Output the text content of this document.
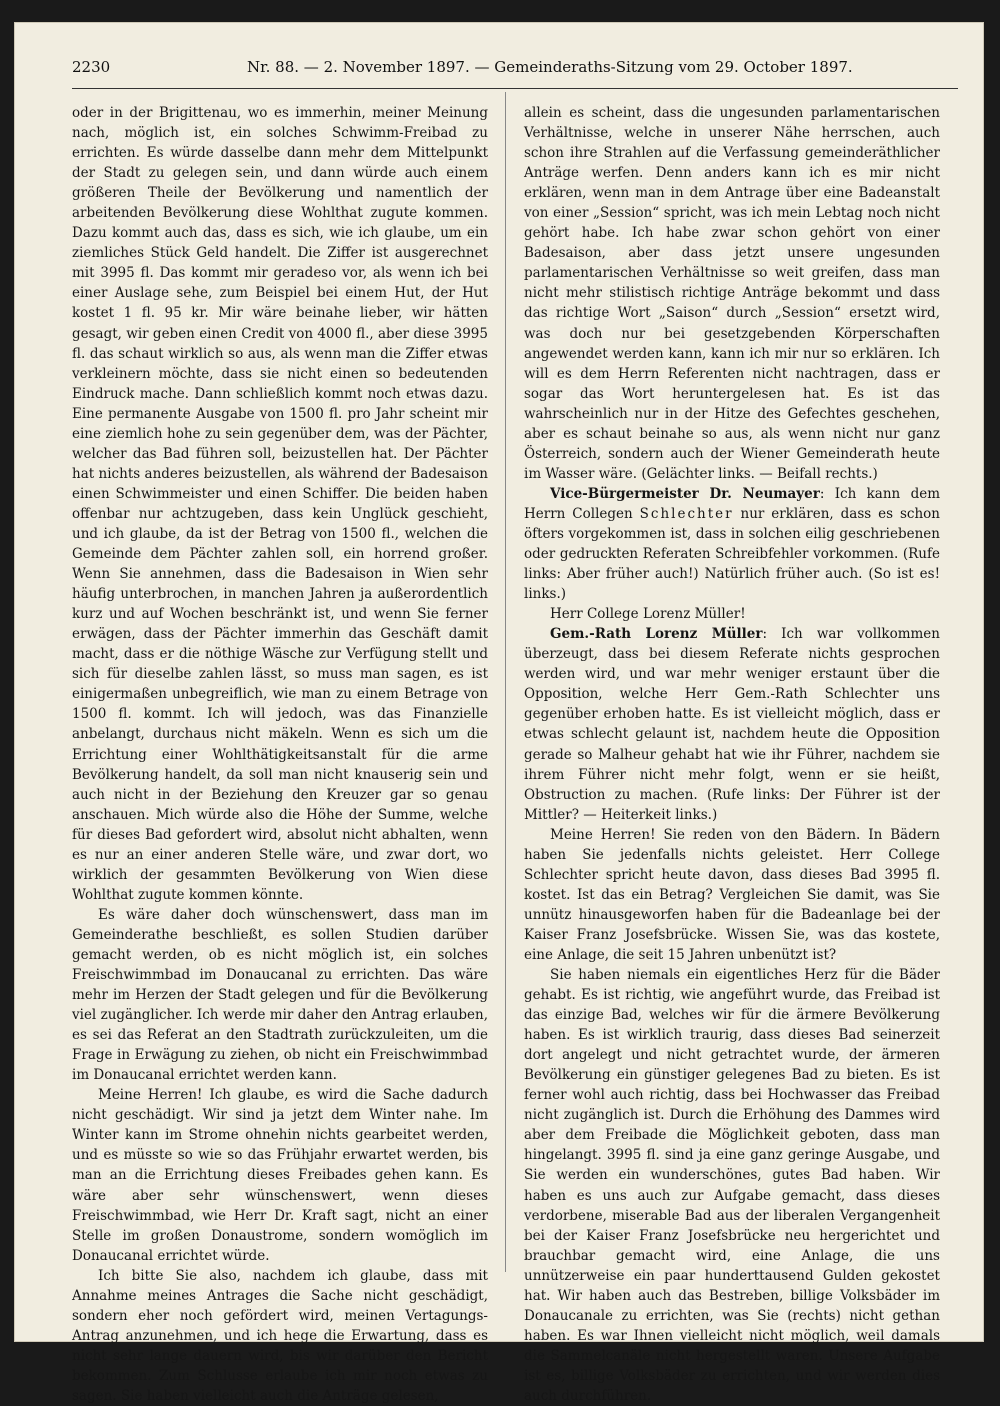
2230	Nr. 88. — 2. November 1897. — Gemeinderaths-Sitzung vom 29. October 1897.

oder in der Brigittenau, wo es immerhin, meiner Meinung nach, möglich ist, ein solches Schwimm-Freibad zu errichten. Es würde dasselbe dann mehr dem Mittelpunkt der Stadt zu gelegen sein, und dann würde auch einem größeren Theile der Bevölkerung und namentlich der arbeitenden Bevölkerung diese Wohlthat zugute kommen. Dazu kommt auch das, dass es sich, wie ich glaube, um ein ziemliches Stück Geld handelt. Die Ziffer ist ausgerechnet mit 3995 fl. Das kommt mir geradeso vor, als wenn ich bei einer Auslage sehe, zum Beispiel bei einem Hut, der Hut kostet 1 fl. 95 kr. Mir wäre beinahe lieber, wir hätten gesagt, wir geben einen Credit von 4000 fl., aber diese 3995 fl. das schaut wirklich so aus, als wenn man die Ziffer etwas verkleinern möchte, dass sie nicht einen so bedeutenden Eindruck mache. Dann schließlich kommt noch etwas dazu. Eine permanente Ausgabe von 1500 fl. pro Jahr scheint mir eine ziemlich hohe zu sein gegenüber dem, was der Pächter, welcher das Bad führen soll, beizustellen hat. Der Pächter hat nichts anderes beizustellen, als während der Badesaison einen Schwimmeister und einen Schiffer. Die beiden haben offenbar nur achtzugeben, dass kein Unglück geschieht, und ich glaube, da ist der Betrag von 1500 fl., welchen die Gemeinde dem Pächter zahlen soll, ein horrend großer. Wenn Sie annehmen, dass die Badesaison in Wien sehr häufig unterbrochen, in manchen Jahren ja außerordentlich kurz und auf Wochen beschränkt ist, und wenn Sie ferner erwägen, dass der Pächter immerhin das Geschäft damit macht, dass er die nöthige Wäsche zur Verfügung stellt und sich für dieselbe zahlen lässt, so muss man sagen, es ist einigermaßen unbegreiflich, wie man zu einem Betrage von 1500 fl. kommt. Ich will jedoch, was das Finanzielle anbelangt, durchaus nicht mäkeln. Wenn es sich um die Errichtung einer Wohlthätigkeitsanstalt für die arme Bevölkerung handelt, da soll man nicht knauserig sein und auch nicht in der Beziehung den Kreuzer gar so genau anschauen. Mich würde also die Höhe der Summe, welche für dieses Bad gefordert wird, absolut nicht abhalten, wenn es nur an einer anderen Stelle wäre, und zwar dort, wo wirklich der gesammten Bevölkerung von Wien diese Wohlthat zugute kommen könnte.

Es wäre daher doch wünschenswert, dass man im Gemeinderathe beschließt, es sollen Studien darüber gemacht werden, ob es nicht möglich ist, ein solches Freischwimmbad im Donaucanal zu errichten. Das wäre mehr im Herzen der Stadt gelegen und für die Bevölkerung viel zugänglicher. Ich werde mir daher den Antrag erlauben, es sei das Referat an den Stadtrath zurückzuleiten, um die Frage in Erwägung zu ziehen, ob nicht ein Freischwimmbad im Donaucanal errichtet werden kann.

Meine Herren! Ich glaube, es wird die Sache dadurch nicht geschädigt. Wir sind ja jetzt dem Winter nahe. Im Winter kann im Strome ohnehin nichts gearbeitet werden, und es müsste so wie so das Frühjahr erwartet werden, bis man an die Errichtung dieses Freibades gehen kann. Es wäre aber sehr wünschenswert, wenn dieses Freischwimmbad, wie Herr Dr. Kraft sagt, nicht an einer Stelle im großen Donaustrome, sondern womöglich im Donaucanal errichtet würde.

Ich bitte Sie also, nachdem ich glaube, dass mit Annahme meines Antrages die Sache nicht geschädigt, sondern eher noch gefördert wird, meinen Vertagungs-Antrag anzunehmen, und ich hege die Erwartung, dass es nicht sehr lange dauern wird, bis wir darüber den Bericht bekommen. Zum Schlusse erlaube ich mir noch etwas zu sagen. Sie haben vielleicht auch die Anträge gelesen,

allein es scheint, dass die ungesunden parlamentarischen Verhältnisse, welche in unserer Nähe herrschen, auch schon ihre Strahlen auf die Verfassung gemeinderäthlicher Anträge werfen. Denn anders kann ich es mir nicht erklären, wenn man in dem Antrage über eine Badeanstalt von einer „Session“ spricht, was ich mein Lebtag noch nicht gehört habe. Ich habe zwar schon gehört von einer Badesaison, aber dass jetzt unsere ungesunden parlamentarischen Verhältnisse so weit greifen, dass man nicht mehr stilistisch richtige Anträge bekommt und dass das richtige Wort „Saison“ durch „Session“ ersetzt wird, was doch nur bei gesetzgebenden Körperschaften angewendet werden kann, kann ich mir nur so erklären. Ich will es dem Herrn Referenten nicht nachtragen, dass er sogar das Wort heruntergelesen hat. Es ist das wahrscheinlich nur in der Hitze des Gefechtes geschehen, aber es schaut beinahe so aus, als wenn nicht nur ganz Österreich, sondern auch der Wiener Gemeinderath heute im Wasser wäre. (Gelächter links. — Beifall rechts.)

Vice-Bürgermeister Dr. Neumayer: Ich kann dem Herrn Collegen Schlechter nur erklären, dass es schon öfters vorgekommen ist, dass in solchen eilig geschriebenen oder gedruckten Referaten Schreibfehler vorkommen. (Rufe links: Aber früher auch!) Natürlich früher auch. (So ist es! links.)

Herr College Lorenz Müller!

Gem.-Rath Lorenz Müller: Ich war vollkommen überzeugt, dass bei diesem Referate nichts gesprochen werden wird, und war mehr weniger erstaunt über die Opposition, welche Herr Gem.-Rath Schlechter uns gegenüber erhoben hatte. Es ist vielleicht möglich, dass er etwas schlecht gelaunt ist, nachdem heute die Opposition gerade so Malheur gehabt hat wie ihr Führer, nachdem sie ihrem Führer nicht mehr folgt, wenn er sie heißt, Obstruction zu machen. (Rufe links: Der Führer ist der Mittler? — Heiterkeit links.)

Meine Herren! Sie reden von den Bädern. In Bädern haben Sie jedenfalls nichts geleistet. Herr College Schlechter spricht heute davon, dass dieses Bad 3995 fl. kostet. Ist das ein Betrag? Vergleichen Sie damit, was Sie unnütz hinausgeworfen haben für die Badeanlage bei der Kaiser Franz Josefsbrücke. Wissen Sie, was das kostete, eine Anlage, die seit 15 Jahren unbenützt ist?

Sie haben niemals ein eigentliches Herz für die Bäder gehabt. Es ist richtig, wie angeführt wurde, das Freibad ist das einzige Bad, welches wir für die ärmere Bevölkerung haben. Es ist wirklich traurig, dass dieses Bad seinerzeit dort angelegt und nicht getrachtet wurde, der ärmeren Bevölkerung ein günstiger gelegenes Bad zu bieten. Es ist ferner wohl auch richtig, dass bei Hochwasser das Freibad nicht zugänglich ist. Durch die Erhöhung des Dammes wird aber dem Freibade die Möglichkeit geboten, dass man hingelangt. 3995 fl. sind ja eine ganz geringe Ausgabe, und Sie werden ein wunderschönes, gutes Bad haben. Wir haben es uns auch zur Aufgabe gemacht, dass dieses verdorbene, miserable Bad aus der liberalen Vergangenheit bei der Kaiser Franz Josefsbrücke neu hergerichtet und brauchbar gemacht wird, eine Anlage, die uns unnützerweise ein paar hunderttausend Gulden gekostet hat. Wir haben auch das Bestreben, billige Volksbäder im Donaucanale zu errichten, was Sie (rechts) nicht gethan haben. Es war Ihnen vielleicht nicht möglich, weil damals die Sammelcanäle nicht hergestellt waren. Unsere Aufgabe ist es, billige Volksbäder zu errichten, und wir werden dies auch durchführen.
